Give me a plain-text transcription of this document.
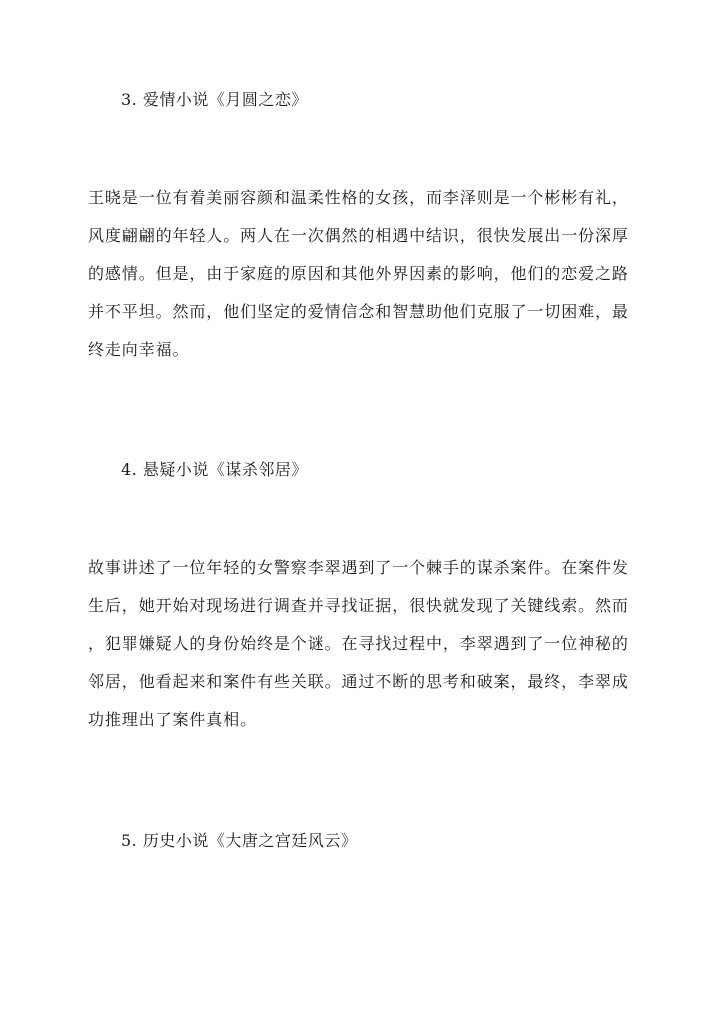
3. 爱情小说《月圆之恋》
王晓是一位有着美丽容颜和温柔性格的女孩，而李泽则是一个彬彬有礼，
风度翩翩的年轻人。两人在一次偶然的相遇中结识，很快发展出一份深厚
的感情。但是，由于家庭的原因和其他外界因素的影响，他们的恋爱之路
并不平坦。然而，他们坚定的爱情信念和智慧助他们克服了一切困难，最
终走向幸福。
4. 悬疑小说《谋杀邻居》
故事讲述了一位年轻的女警察李翠遇到了一个棘手的谋杀案件。在案件发
生后，她开始对现场进行调查并寻找证据，很快就发现了关键线索。然而
，犯罪嫌疑人的身份始终是个谜。在寻找过程中，李翠遇到了一位神秘的
邻居，他看起来和案件有些关联。通过不断的思考和破案，最终，李翠成
功推理出了案件真相。
5. 历史小说《大唐之宫廷风云》
